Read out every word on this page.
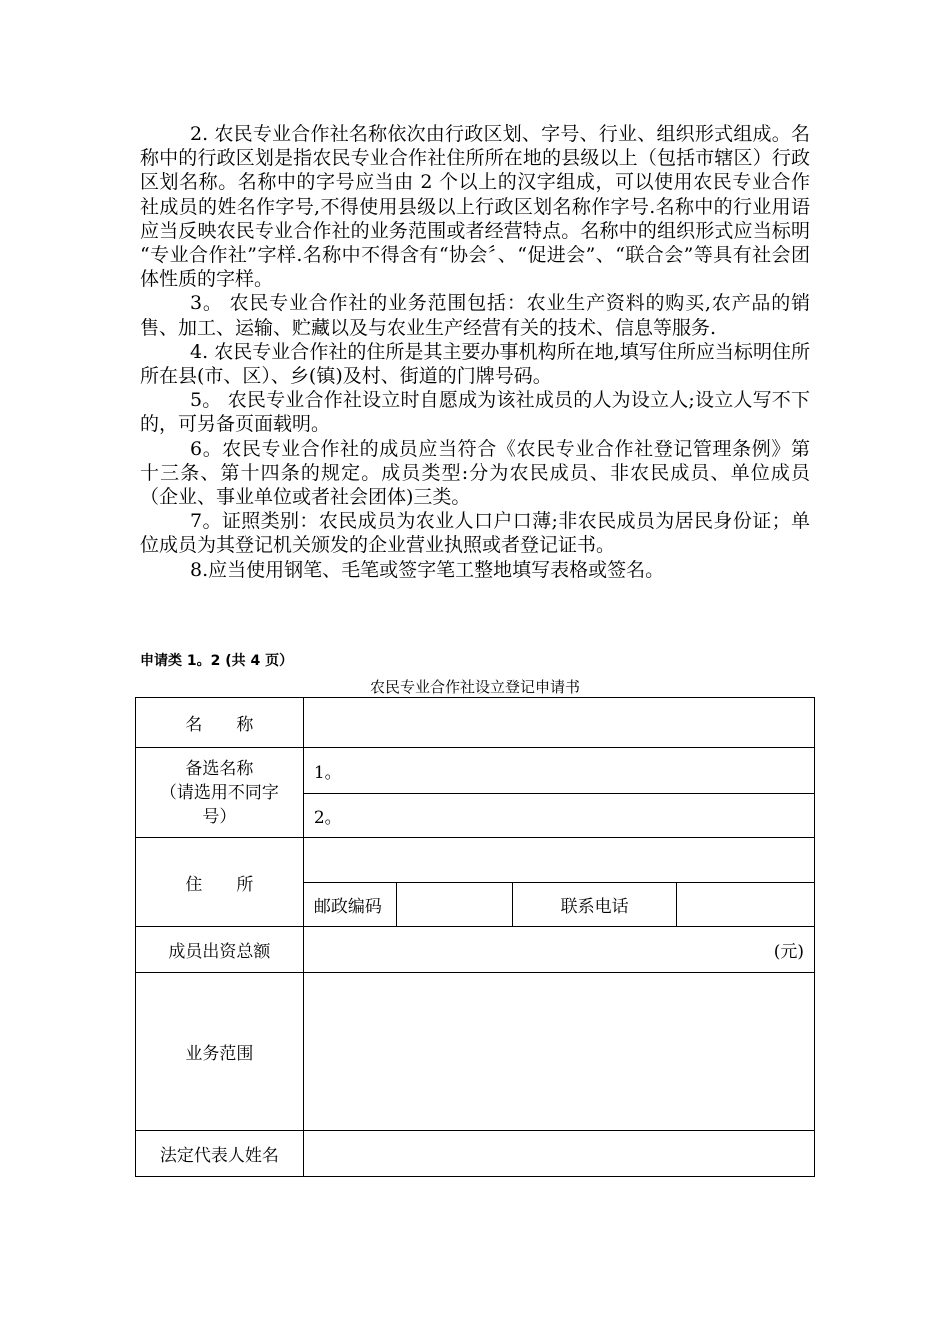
2. 农民专业合作社名称依次由行政区划、字号、行业、组织形式组成。名称中的行政区划是指农民专业合作社住所所在地的县级以上（包括市辖区）行政区划名称。名称中的字号应当由 2 个以上的汉字组成，可以使用农民专业合作社成员的姓名作字号,不得使用县级以上行政区划名称作字号.名称中的行业用语应当反映农民专业合作社的业务范围或者经营特点。名称中的组织形式应当标明 “专业合作社”字样.名称中不得含有“协会〞、“促进会”、“联合会”等具有社会团体性质的字样。

3。 农民专业合作社的业务范围包括：农业生产资料的购买,农产品的销售、加工、运输、贮藏以及与农业生产经营有关的技术、信息等服务.

4. 农民专业合作社的住所是其主要办事机构所在地,填写住所应当标明住所所在县(市、区）、乡(镇)及村、街道的门牌号码。

5。 农民专业合作社设立时自愿成为该社成员的人为设立人;设立人写不下的，可另备页面载明。

6。农民专业合作社的成员应当符合《农民专业合作社登记管理条例》第十三条、第十四条的规定。成员类型:分为农民成员、非农民成员、单位成员（企业、事业单位或者社会团体)三类。

7。证照类别：农民成员为农业人口户口薄;非农民成员为居民身份证；单位成员为其登记机关颁发的企业营业执照或者登记证书。

8.应当使用钢笔、毛笔或签字笔工整地填写表格或签名。

申请类 1。2 (共 4 页）
农民专业合作社设立登记申请书
名　　称				

备选名称
（请选用不同字号）	1。			
	2。			
住　　所				
	邮政编码		联系电话	
成员出资总额	(元)			
业务范围				
法定代表人姓名				
